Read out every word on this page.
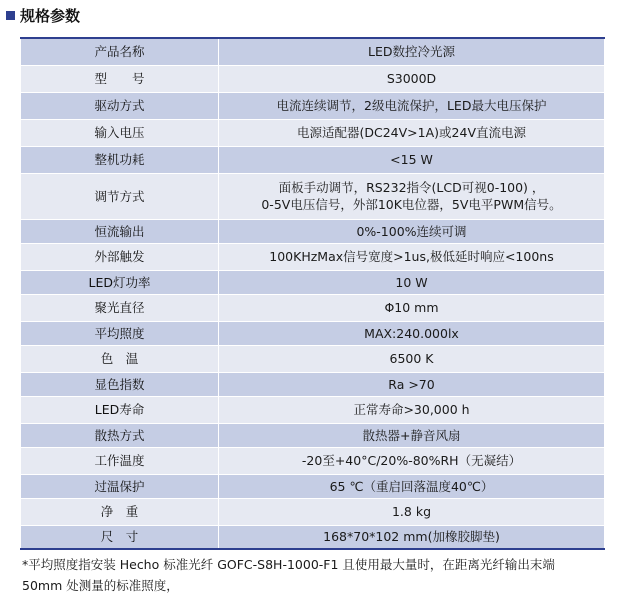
规格参数
产品名称	LED数控冷光源
型　　号	S3000D
驱动方式	电流连续调节，2级电流保护，LED最大电压保护
输入电压	电源适配器(DC24V>1A)或24V直流电源
整机功耗	<15 W
调节方式	面板手动调节，RS232指令(LCD可视0-100) ，
0-5V电压信号，外部10K电位器，5V电平PWM信号。
恒流输出	0%-100%连续可调
外部触发	100KHzMax信号宽度>1us,极低延时响应<100ns
LED灯功率	10 W
聚光直径	Φ10 mm
平均照度	MAX:240.000lx
色　温	6500 K
显色指数	Ra >70
LED寿命	正常寿命>30,000 h
散热方式	散热器+静音风扇
工作温度	-20至+40°C/20%-80%RH（无凝结）
过温保护	65 ℃（重启回落温度40℃）
净　重	1.8 kg
尺　寸	168*70*102 mm(加橡胶脚垫)
*平均照度指安装 Hecho 标准光纤 GOFC-S8H-1000-F1 且使用最大量时，在距离光纤输出末端
50mm 处测量的标准照度，
